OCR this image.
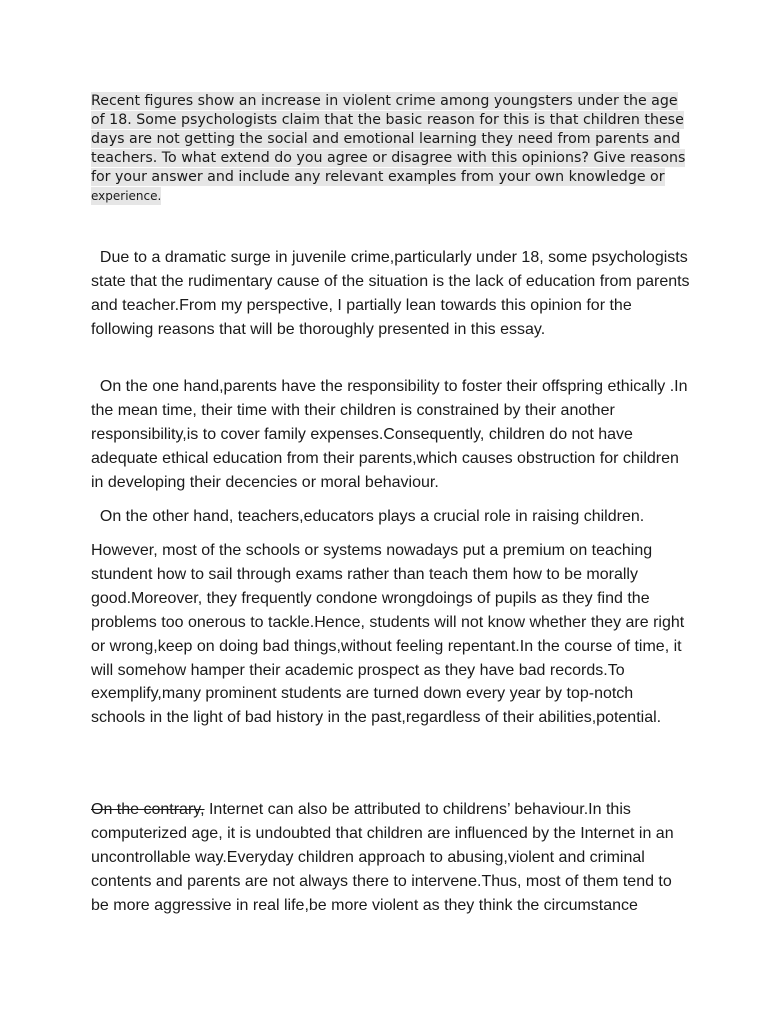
Recent figures show an increase in violent crime among youngsters under the age of 18. Some psychologists claim that the basic reason for this is that children these days are not getting the social and emotional learning they need from parents and teachers. To what extend do you agree or disagree with this opinions? Give reasons for your answer and include any relevant examples from your own knowledge or experience.

Due to a dramatic surge in juvenile crime,particularly under 18, some psychologists state that the rudimentary cause of the situation is the lack of education from parents and teacher.From my perspective, I partially lean towards this opinion for the following reasons that will be thoroughly presented in this essay.

On the one hand,parents have the responsibility to foster their offspring ethically .In the mean time, their time with their children is constrained by their another responsibility,is to cover family expenses.Consequently, children do not have adequate ethical education from their parents,which causes obstruction for children in developing their decencies or moral behaviour.

On the other hand, teachers,educators plays a crucial role in raising children.

However, most of the schools or systems nowadays put a premium on teaching stundent how to sail through exams rather than teach them how to be morally good.Moreover, they frequently condone wrongdoings of pupils as they find the problems too onerous to tackle.Hence, students will not know whether they are right or wrong,keep on doing bad things,without feeling repentant.In the course of time, it will somehow hamper their academic prospect as they have bad records.To exemplify,many prominent students are turned down every year by top-notch schools in the light of bad history in the past,regardless of their abilities,potential.

On the contrary, Internet can also be attributed to childrens’ behaviour.In this computerized age, it is undoubted that children are influenced by the Internet in an uncontrollable way.Everyday children approach to abusing,violent and criminal contents and parents are not always there to intervene.Thus, most of them tend to be more aggressive in real life,be more violent as they think the circumstance
